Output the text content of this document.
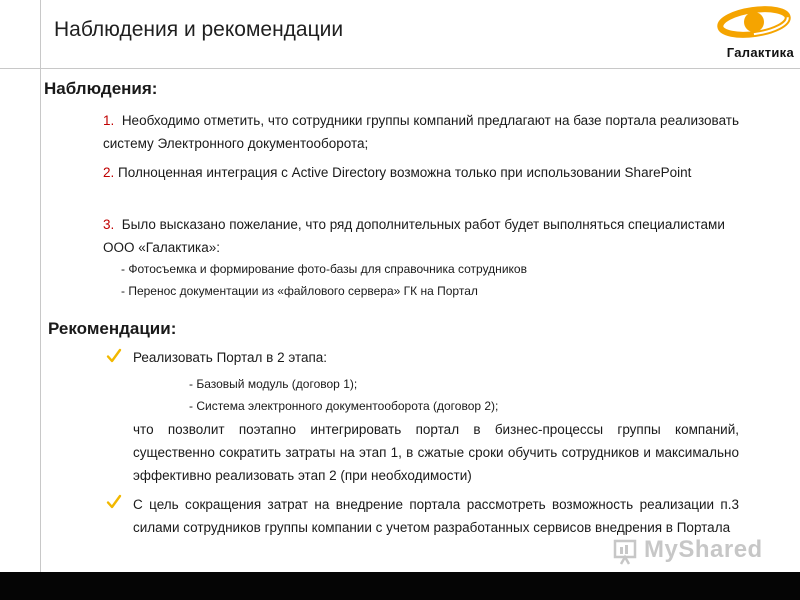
Наблюдения и рекомендации
Галактика
Наблюдения:
1. Необходимо отметить, что сотрудники группы компаний предлагают на базе портала реализовать систему Электронного документооборота;
2. Полноценная интеграция с Active Directory возможна только при использовании SharePoint
3. Было высказано пожелание, что ряд дополнительных работ будет выполняться специалистами ООО «Галактика»:
- Фотосъемка и формирование фото-базы для справочника сотрудников
- Перенос документации из «файлового сервера» ГК на Портал
Рекомендации:
Реализовать Портал в 2 этапа:
- Базовый модуль (договор 1);
- Система электронного документооборота (договор 2);
что позволит поэтапно интегрировать портал в бизнес-процессы группы компаний, существенно сократить затраты на этап 1, в сжатые сроки обучить сотрудников и максимально эффективно реализовать этап 2 (при необходимости)
С цель сокращения затрат на внедрение портала рассмотреть возможность реализации п.3 силами сотрудников группы компании с учетом разработанных сервисов внедрения в Портала
MyShared
